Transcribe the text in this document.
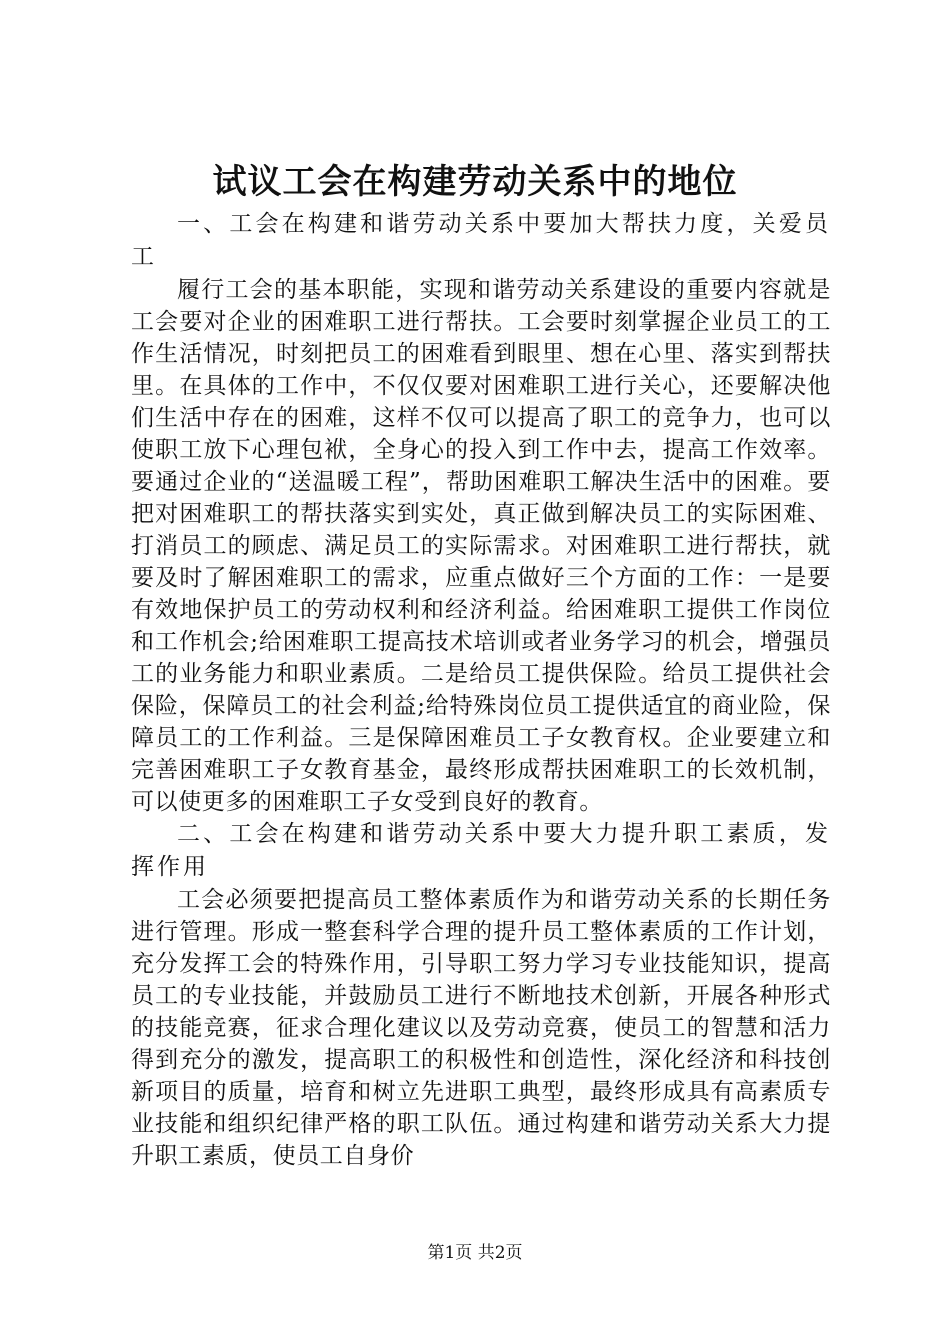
试议工会在构建劳动关系中的地位

一、工会在构建和谐劳动关系中要加大帮扶力度，关爱员工

履行工会的基本职能，实现和谐劳动关系建设的重要内容就是工会要对企业的困难职工进行帮扶。工会要时刻掌握企业员工的工作生活情况，时刻把员工的困难看到眼里、想在心里、落实到帮扶里。在具体的工作中，不仅仅要对困难职工进行关心，还要解决他们生活中存在的困难，这样不仅可以提高了职工的竞争力，也可以使职工放下心理包袱，全身心的投入到工作中去，提高工作效率。要通过企业的“送温暖工程”，帮助困难职工解决生活中的困难。要把对困难职工的帮扶落实到实处，真正做到解决员工的实际困难、打消员工的顾虑、满足员工的实际需求。对困难职工进行帮扶，就要及时了解困难职工的需求，应重点做好三个方面的工作：一是要有效地保护员工的劳动权利和经济利益。给困难职工提供工作岗位和工作机会;给困难职工提高技术培训或者业务学习的机会，增强员工的业务能力和职业素质。二是给员工提供保险。给员工提供社会保险，保障员工的社会利益;给特殊岗位员工提供适宜的商业险，保障员工的工作利益。三是保障困难员工子女教育权。企业要建立和完善困难职工子女教育基金，最终形成帮扶困难职工的长效机制，可以使更多的困难职工子女受到良好的教育。

二、工会在构建和谐劳动关系中要大力提升职工素质，发挥作用

工会必须要把提高员工整体素质作为和谐劳动关系的长期任务进行管理。形成一整套科学合理的提升员工整体素质的工作计划，充分发挥工会的特殊作用，引导职工努力学习专业技能知识，提高员工的专业技能，并鼓励员工进行不断地技术创新，开展各种形式的技能竞赛，征求合理化建议以及劳动竞赛，使员工的智慧和活力得到充分的激发，提高职工的积极性和创造性，深化经济和科技创新项目的质量，培育和树立先进职工典型，最终形成具有高素质专业技能和组织纪律严格的职工队伍。通过构建和谐劳动关系大力提升职工素质，使员工自身价

第1页 共2页
